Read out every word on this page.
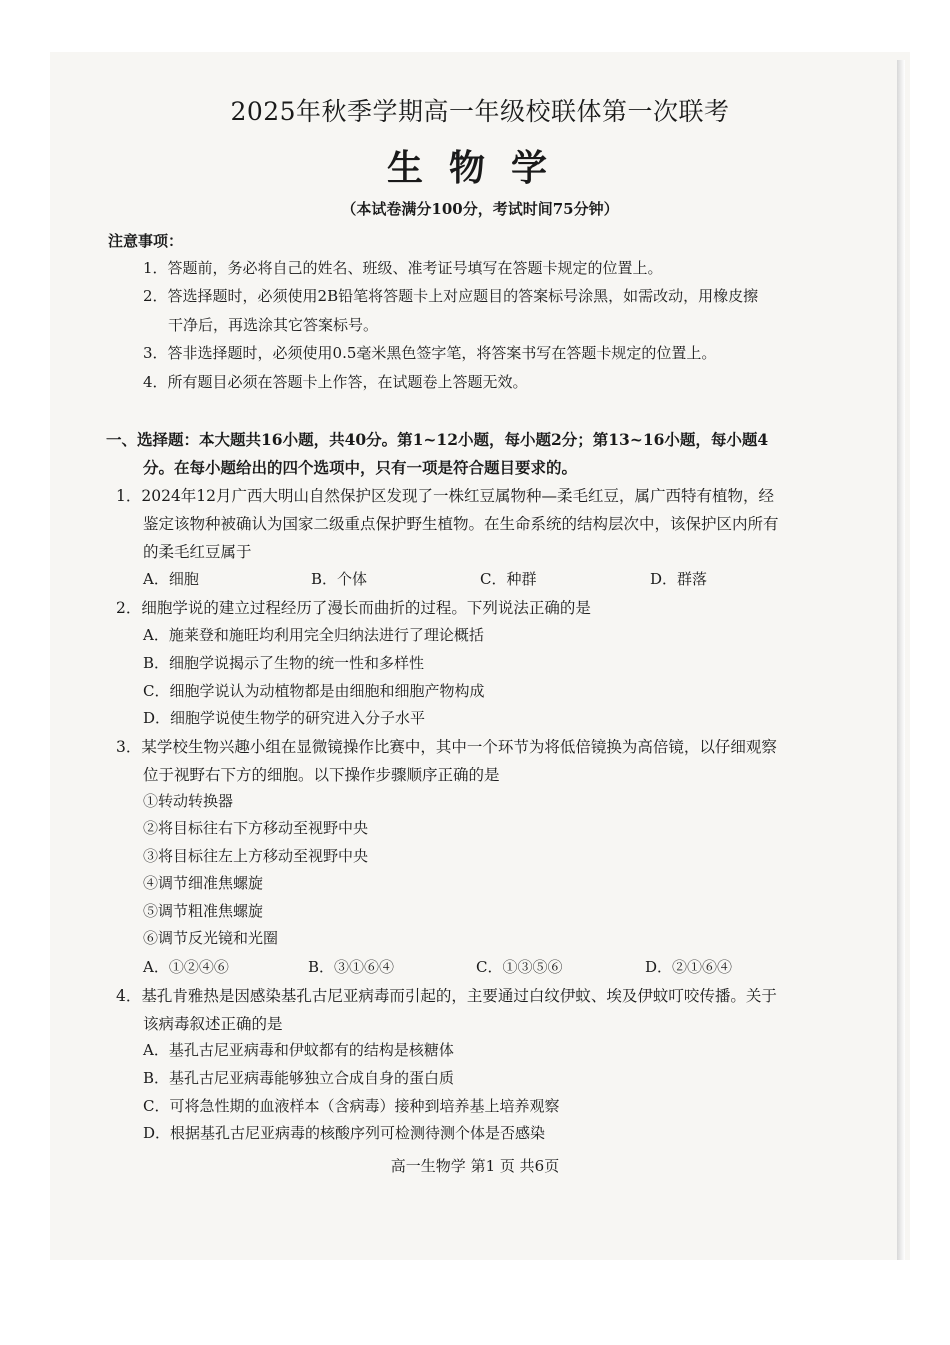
2025年秋季学期高一年级校联体第一次联考
生物学
（本试卷满分100分，考试时间75分钟）
注意事项：
1．答题前，务必将自己的姓名、班级、准考证号填写在答题卡规定的位置上。
2．答选择题时，必须使用2B铅笔将答题卡上对应题目的答案标号涂黑，如需改动，用橡皮擦
干净后，再选涂其它答案标号。
3．答非选择题时，必须使用0.5毫米黑色签字笔，将答案书写在答题卡规定的位置上。
4．所有题目必须在答题卡上作答，在试题卷上答题无效。
一、选择题：本大题共16小题，共40分。第1~12小题，每小题2分；第13~16小题，每小题4
分。在每小题给出的四个选项中，只有一项是符合题目要求的。
1．2024年12月广西大明山自然保护区发现了一株红豆属物种—柔毛红豆，属广西特有植物，经
鉴定该物种被确认为国家二级重点保护野生植物。在生命系统的结构层次中，该保护区内所有
的柔毛红豆属于
A．细胞	B．个体	C．种群	D．群落
2．细胞学说的建立过程经历了漫长而曲折的过程。下列说法正确的是
A．施莱登和施旺均利用完全归纳法进行了理论概括
B．细胞学说揭示了生物的统一性和多样性
C．细胞学说认为动植物都是由细胞和细胞产物构成
D．细胞学说使生物学的研究进入分子水平
3．某学校生物兴趣小组在显微镜操作比赛中，其中一个环节为将低倍镜换为高倍镜，以仔细观察
位于视野右下方的细胞。以下操作步骤顺序正确的是
①转动转换器
②将目标往右下方移动至视野中央
③将目标往左上方移动至视野中央
④调节细准焦螺旋
⑤调节粗准焦螺旋
⑥调节反光镜和光圈
A．①②④⑥	B．③①⑥④	C．①③⑤⑥	D．②①⑥④
4．基孔肯雅热是因感染基孔古尼亚病毒而引起的，主要通过白纹伊蚊、埃及伊蚊叮咬传播。关于
该病毒叙述正确的是
A．基孔古尼亚病毒和伊蚊都有的结构是核糖体
B．基孔古尼亚病毒能够独立合成自身的蛋白质
C．可将急性期的血液样本（含病毒）接种到培养基上培养观察
D．根据基孔古尼亚病毒的核酸序列可检测待测个体是否感染
高一生物学 第1 页 共6页
